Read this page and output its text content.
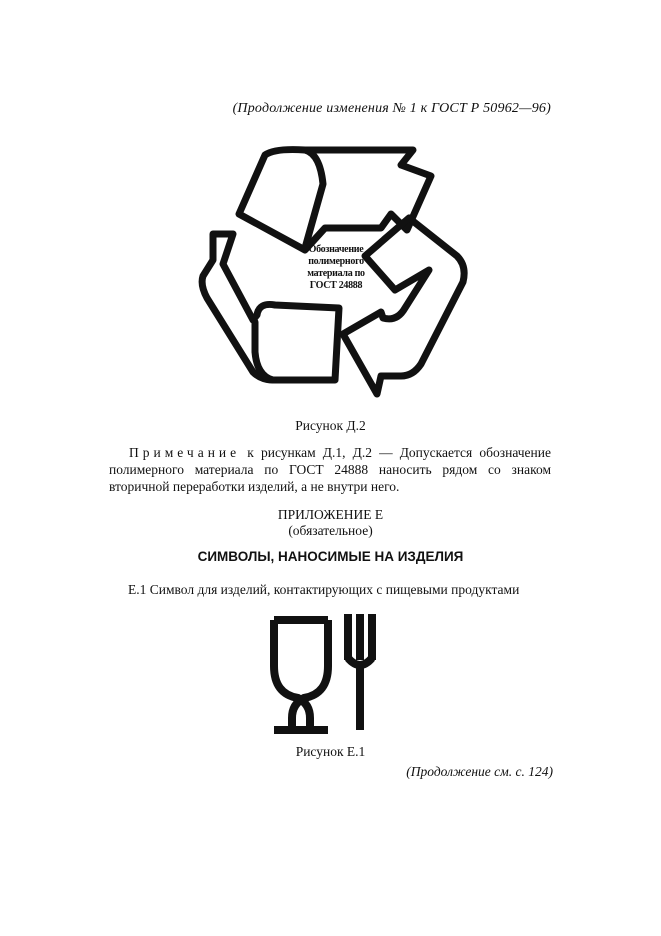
(Продолжение изменения № 1 к ГОСТ Р 50962—96)
Обозначение
полимерного
материала по
ГОСТ 24888
Рисунок Д.2
Примечание к рисункам Д.1, Д.2 — Допускается обозначение полимерного материала по ГОСТ 24888 наносить рядом со знаком вторичной переработки изделий, а не внутри него.
ПРИЛОЖЕНИЕ Е
(обязательное)
СИМВОЛЫ, НАНОСИМЫЕ НА ИЗДЕЛИЯ
Е.1 Символ для изделий, контактирующих с пищевыми продуктами
Рисунок Е.1
(Продолжение см. с. 124)
